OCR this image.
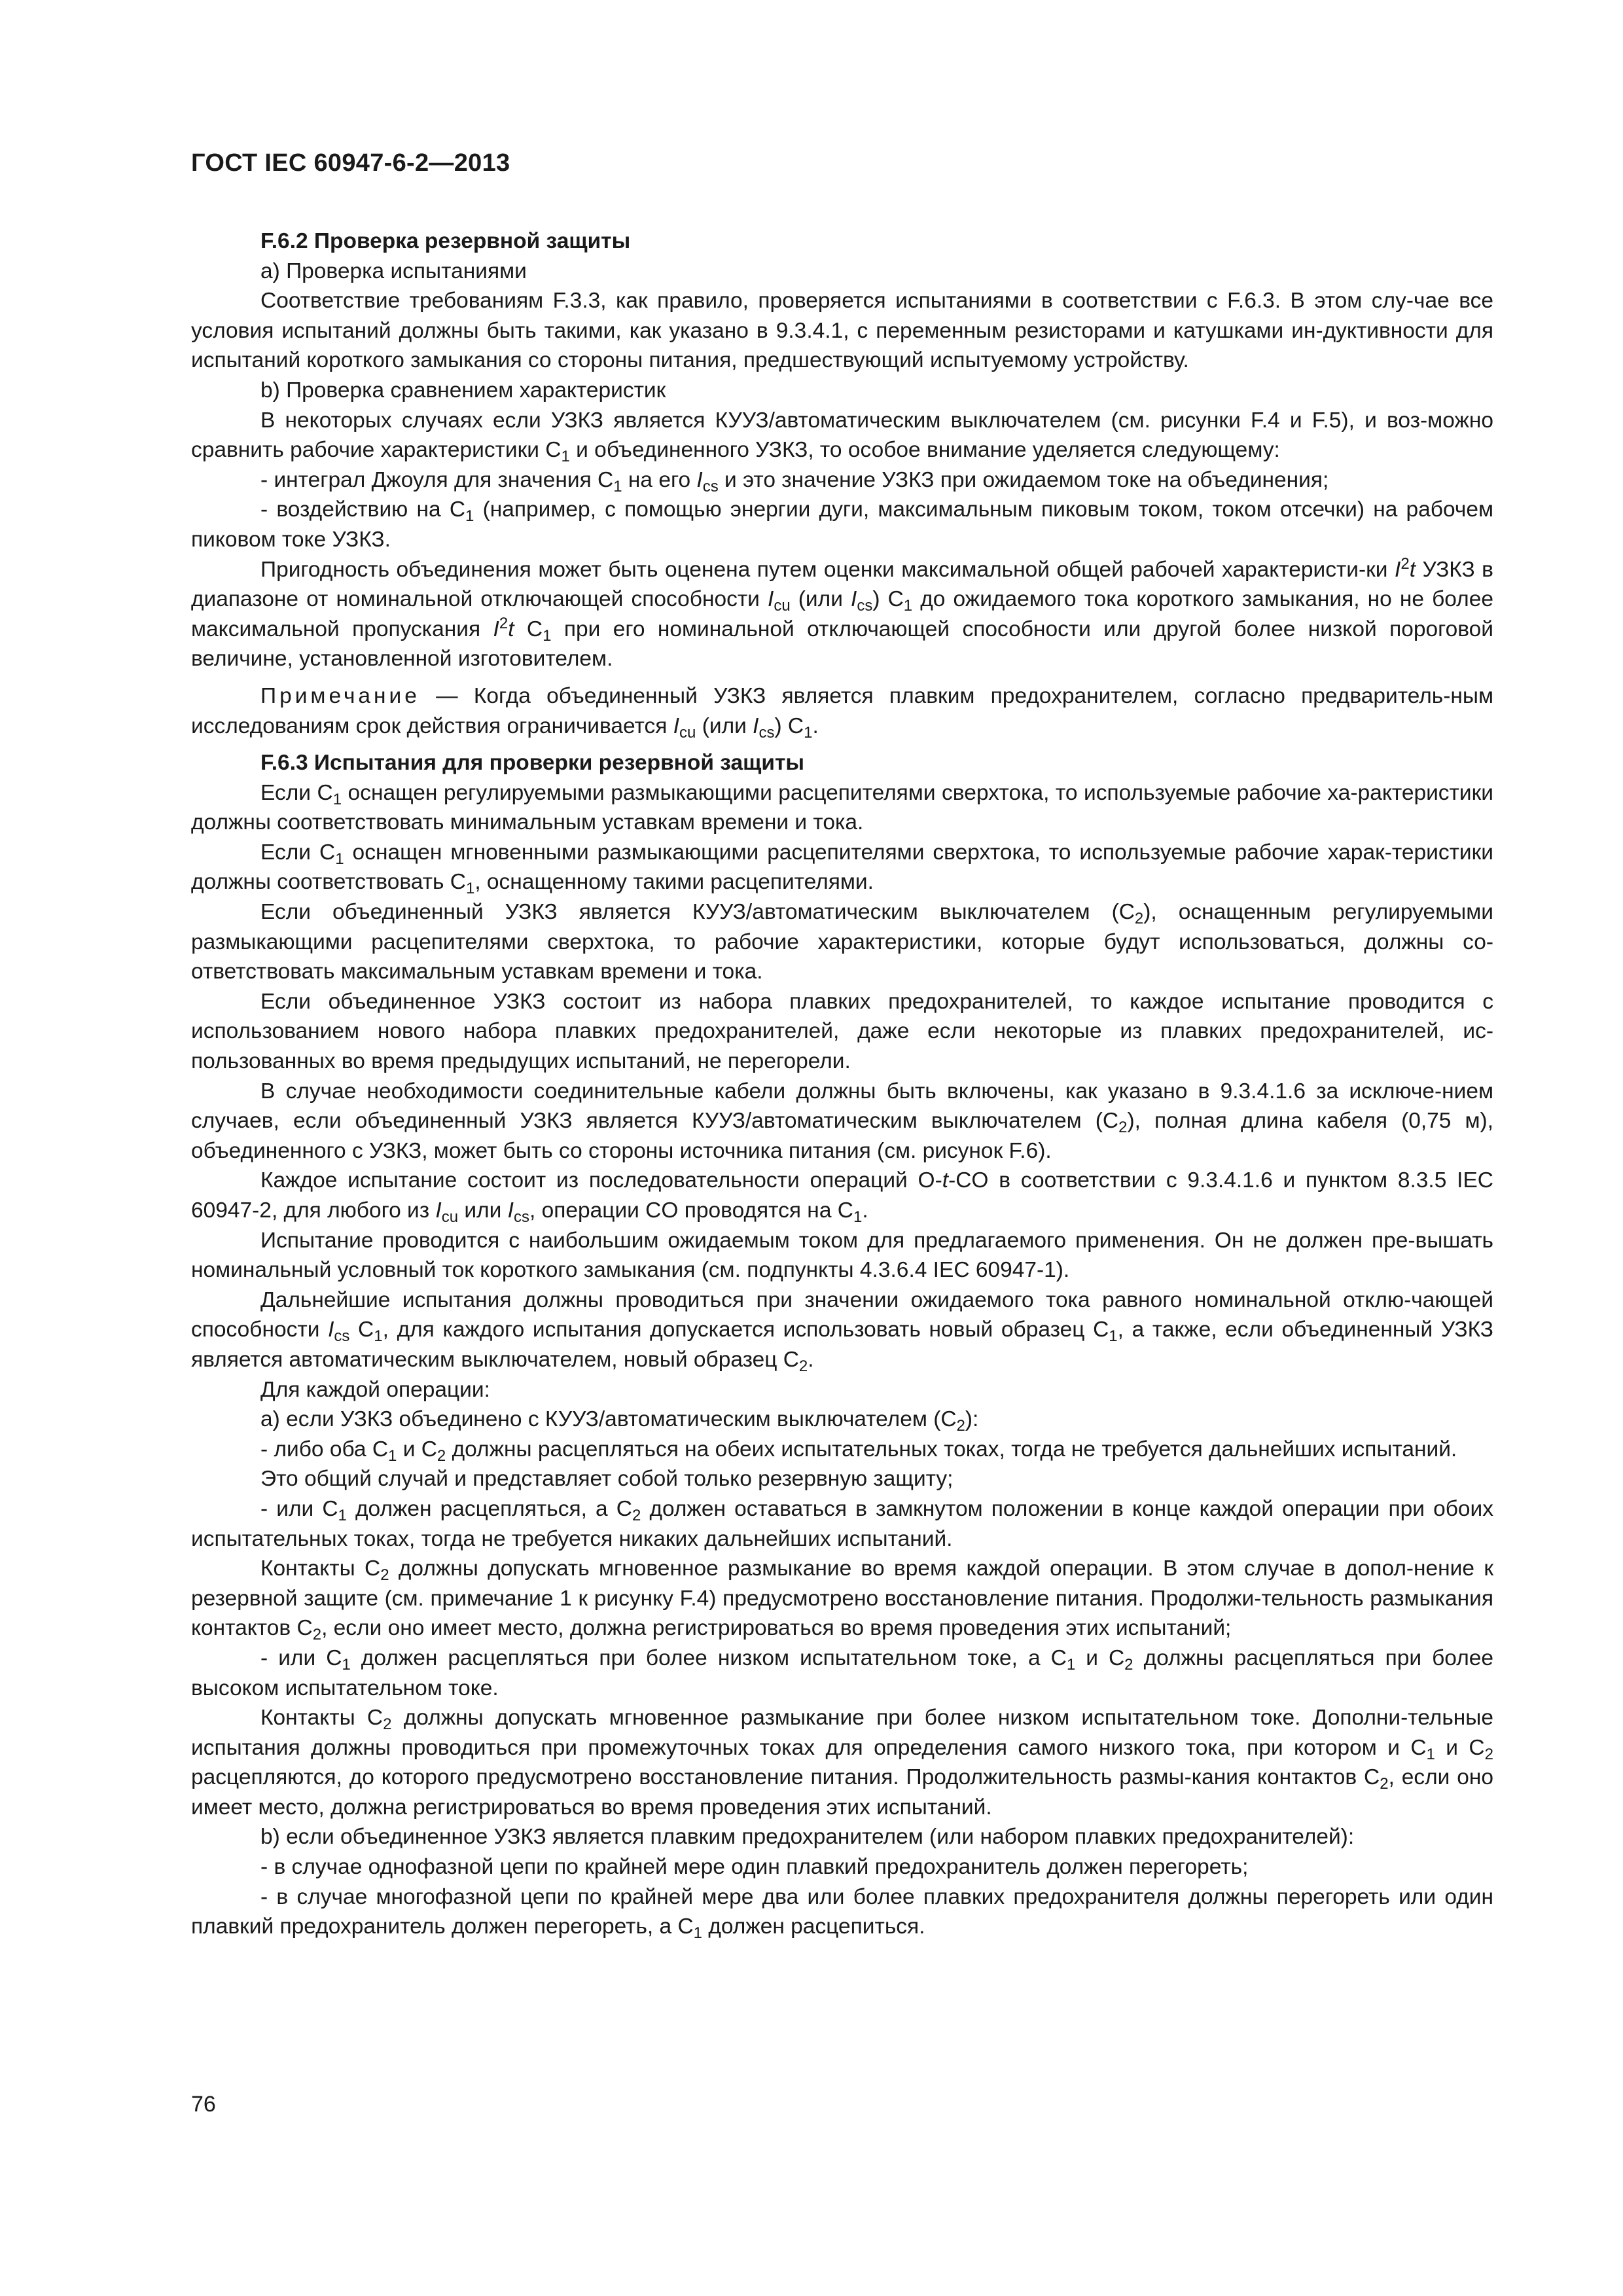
ГОСТ IEC 60947-6-2—2013

F.6.2 Проверка резервной защиты

а) Проверка испытаниями

Соответствие требованиям F.3.3, как правило, проверяется испытаниями в соответствии с F.6.3. В этом слу-чае все условия испытаний должны быть такими, как указано в 9.3.4.1, с переменным резисторами и катушками ин-дуктивности для испытаний короткого замыкания со стороны питания, предшествующий испытуемому устройству.

b) Проверка сравнением характеристик

В некоторых случаях если УЗКЗ является КУУЗ/автоматическим выключателем (см. рисунки F.4 и F.5), и воз-можно сравнить рабочие характеристики $С_1$ и объединенного УЗКЗ, то особое внимание уделяется следующему:

- интеграл Джоуля для значения $С_1$ на его $I_{cs}$ и это значение УЗКЗ при ожидаемом токе на объединения;

- воздействию на $С_1$ (например, с помощью энергии дуги, максимальным пиковым током, током отсечки) на рабочем пиковом токе УЗКЗ.

Пригодность объединения может быть оценена путем оценки максимальной общей рабочей характеристи-ки $I^2t$ УЗКЗ в диапазоне от номинальной отключающей способности $I_{cu}$ (или $I_{cs}$) $С_1$ до ожидаемого тока короткого замыкания, но не более максимальной пропускания $I^2t$ $С_1$ при его номинальной отключающей способности или другой более низкой пороговой величине, установленной изготовителем.

Примечание — Когда объединенный УЗКЗ является плавким предохранителем, согласно предваритель-ным исследованиям срок действия ограничивается $I_{cu}$ (или $I_{cs}$) $С_1$.

F.6.3 Испытания для проверки резервной защиты

Если $С_1$ оснащен регулируемыми размыкающими расцепителями сверхтока, то используемые рабочие ха-рактеристики должны соответствовать минимальным уставкам времени и тока.

Если $С_1$ оснащен мгновенными размыкающими расцепителями сверхтока, то используемые рабочие харак-теристики должны соответствовать $С_1$, оснащенному такими расцепителями.

Если объединенный УЗКЗ является КУУЗ/автоматическим выключателем $(С_2)$, оснащенным регулируемыми размыкающими расцепителями сверхтока, то рабочие характеристики, которые будут использоваться, должны со-ответствовать максимальным уставкам времени и тока.

Если объединенное УЗКЗ состоит из набора плавких предохранителей, то каждое испытание проводится с использованием нового набора плавких предохранителей, даже если некоторые из плавких предохранителей, ис-пользованных во время предыдущих испытаний, не перегорели.

В случае необходимости соединительные кабели должны быть включены, как указано в 9.3.4.1.6 за исключе-нием случаев, если объединенный УЗКЗ является КУУЗ/автоматическим выключателем $(С_2)$, полная длина кабеля (0,75 м), объединенного с УЗКЗ, может быть со стороны источника питания (см. рисунок F.6).

Каждое испытание состоит из последовательности операций O-t-CO в соответствии с 9.3.4.1.6 и пунктом 8.3.5 IEC 60947-2, для любого из $I_{cu}$ или $I_{cs}$, операции CO проводятся на $С_1$.

Испытание проводится с наибольшим ожидаемым током для предлагаемого применения. Он не должен пре-вышать номинальный условный ток короткого замыкания (см. подпункты 4.3.6.4 IEC 60947-1).

Дальнейшие испытания должны проводиться при значении ожидаемого тока равного номинальной отклю-чающей способности $I_{cs}$ $С_1$, для каждого испытания допускается использовать новый образец $С_1$, а также, если объединенный УЗКЗ является автоматическим выключателем, новый образец $С_2$.

Для каждой операции:

а) если УЗКЗ объединено с КУУЗ/автоматическим выключателем $(С_2)$:

- либо оба $С_1$ и $С_2$ должны расцепляться на обеих испытательных токах, тогда не требуется дальнейших испытаний.

Это общий случай и представляет собой только резервную защиту;

- или $С_1$ должен расцепляться, а $С_2$ должен оставаться в замкнутом положении в конце каждой операции при обоих испытательных токах, тогда не требуется никаких дальнейших испытаний.

Контакты $С_2$ должны допускать мгновенное размыкание во время каждой операции. В этом случае в допол-нение к резервной защите (см. примечание 1 к рисунку F.4) предусмотрено восстановление питания. Продолжи-тельность размыкания контактов $С_2$, если оно имеет место, должна регистрироваться во время проведения этих испытаний;

- или $С_1$ должен расцепляться при более низком испытательном токе, а $С_1$ и $С_2$ должны расцепляться при более высоком испытательном токе.

Контакты $С_2$ должны допускать мгновенное размыкание при более низком испытательном токе. Дополни-тельные испытания должны проводиться при промежуточных токах для определения самого низкого тока, при котором и $С_1$ и $С_2$ расцепляются, до которого предусмотрено восстановление питания. Продолжительность размы-кания контактов $С_2$, если оно имеет место, должна регистрироваться во время проведения этих испытаний.

b) если объединенное УЗКЗ является плавким предохранителем (или набором плавких предохранителей):

- в случае однофазной цепи по крайней мере один плавкий предохранитель должен перегореть;

- в случае многофазной цепи по крайней мере два или более плавких предохранителя должны перегореть или один плавкий предохранитель должен перегореть, а $С_1$ должен расцепиться.

76
